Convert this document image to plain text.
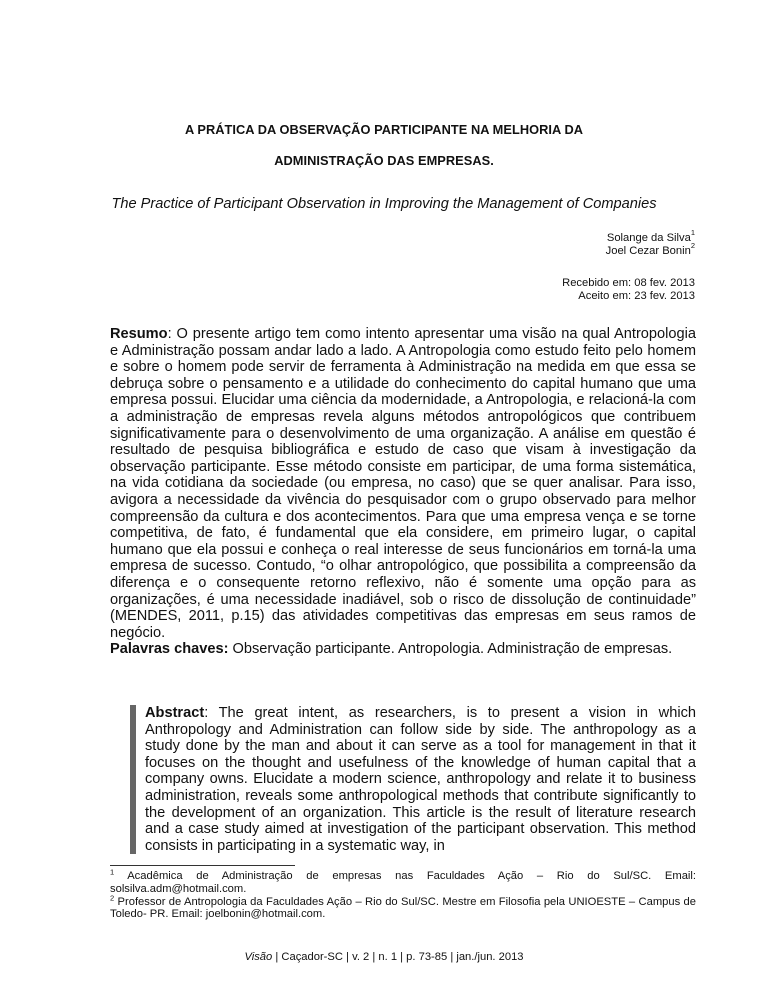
A PRÁTICA DA OBSERVAÇÃO PARTICIPANTE NA MELHORIA DA
ADMINISTRAÇÃO DAS EMPRESAS.
The Practice of Participant Observation in Improving the Management of Companies
Solange da Silva$^1$
Joel Cezar Bonin$^2$
Recebido em: 08 fev. 2013
Aceito em: 23 fev. 2013
Resumo: O presente artigo tem como intento apresentar uma visão na qual Antropologia e Administração possam andar lado a lado. A Antropologia como estudo feito pelo homem e sobre o homem pode servir de ferramenta à Administração na medida em que essa se debruça sobre o pensamento e a utilidade do conhecimento do capital humano que uma empresa possui. Elucidar uma ciência da modernidade, a Antropologia, e relacioná-la com a administração de empresas revela alguns métodos antropológicos que contribuem significativamente para o desenvolvimento de uma organização. A análise em questão é resultado de pesquisa bibliográfica e estudo de caso que visam à investigação da observação participante. Esse método consiste em participar, de uma forma sistemática, na vida cotidiana da sociedade (ou empresa, no caso) que se quer analisar. Para isso, avigora a necessidade da vivência do pesquisador com o grupo observado para melhor compreensão da cultura e dos acontecimentos. Para que uma empresa vença e se torne competitiva, de fato, é fundamental que ela considere, em primeiro lugar, o capital humano que ela possui e conheça o real interesse de seus funcionários em torná-la uma empresa de sucesso. Contudo, “o olhar antropológico, que possibilita a compreensão da diferença e o consequente retorno reflexivo, não é somente uma opção para as organizações, é uma necessidade inadiável, sob o risco de dissolução de continuidade” (MENDES, 2011, p.15) das atividades competitivas das empresas em seus ramos de negócio.
Palavras chaves: Observação participante. Antropologia. Administração de empresas.
Abstract: The great intent, as researchers, is to present a vision in which Anthropology and Administration can follow side by side. The anthropology as a study done by the man and about it can serve as a tool for management in that it focuses on the thought and usefulness of the knowledge of human capital that a company owns. Elucidate a modern science, anthropology and relate it to business administration, reveals some anthropological methods that contribute significantly to the development of an organization. This article is the result of literature research and a case study aimed at investigation of the participant observation. This method consists in participating in a systematic way, in

$^1$ Acadêmica de Administração de empresas nas Faculdades Ação – Rio do Sul/SC. Email: solsilva.adm@hotmail.com.

$^2$ Professor de Antropologia da Faculdades Ação – Rio do Sul/SC. Mestre em Filosofia pela UNIOESTE – Campus de Toledo- PR. Email: joelbonin@hotmail.com.

Visão | Caçador-SC | v. 2 | n. 1 | p. 73-85 | jan./jun. 2013
